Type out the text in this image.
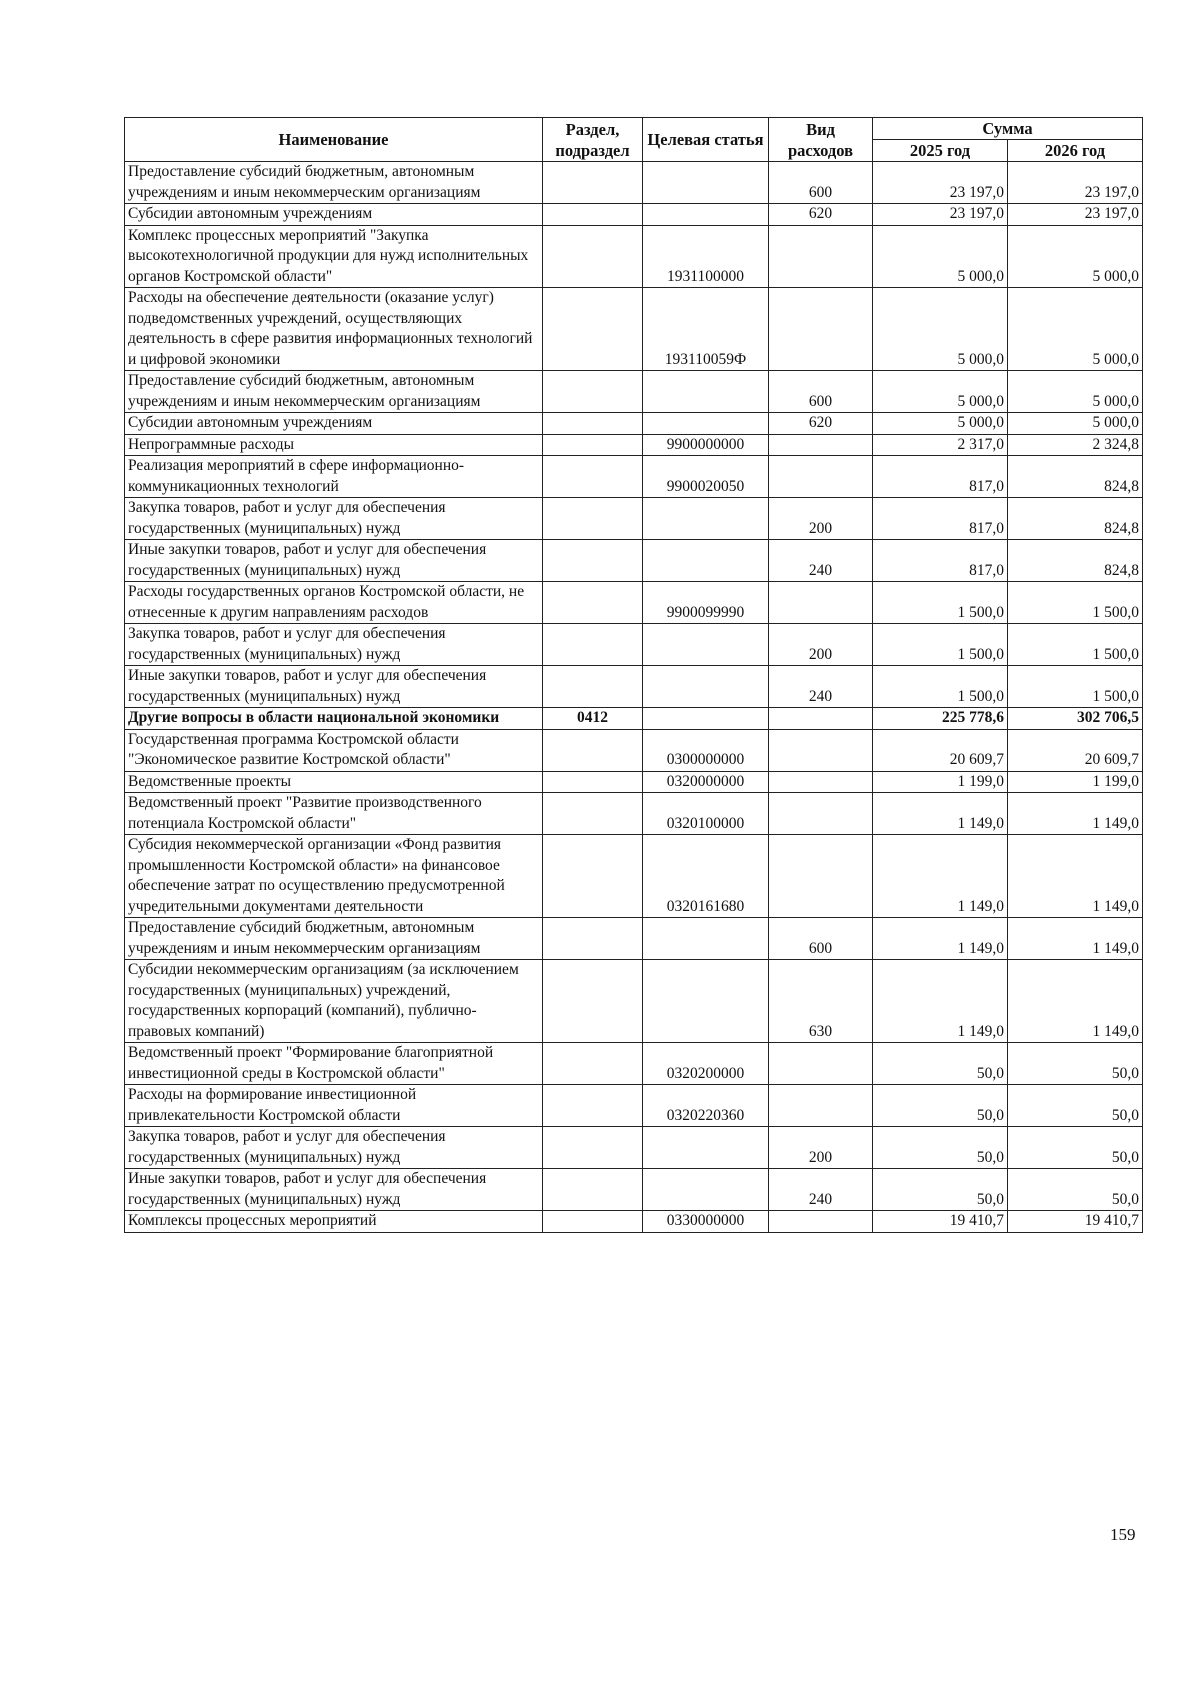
Наименование	Раздел, подраздел	Целевая статья	Вид расходов	Сумма	
				2025 год	2026 год
Предоставление субсидий бюджетным, автономным учреждениям и иным некоммерческим организациям			600	23 197,0	23 197,0
Субсидии автономным учреждениям			620	23 197,0	23 197,0
Комплекс процессных мероприятий "Закупка высокотехнологичной продукции для нужд исполнительных органов Костромской области"		1931100000		5 000,0	5 000,0
Расходы на обеспечение деятельности (оказание услуг) подведомственных учреждений, осуществляющих деятельность в сфере развития информационных технологий и цифровой экономики		193110059Ф		5 000,0	5 000,0
Предоставление субсидий бюджетным, автономным учреждениям и иным некоммерческим организациям			600	5 000,0	5 000,0
Субсидии автономным учреждениям			620	5 000,0	5 000,0
Непрограммные расходы		9900000000		2 317,0	2 324,8
Реализация мероприятий в сфере информационно-коммуникационных технологий		9900020050		817,0	824,8
Закупка товаров, работ и услуг для обеспечения государственных (муниципальных) нужд			200	817,0	824,8
Иные закупки товаров, работ и услуг для обеспечения государственных (муниципальных) нужд			240	817,0	824,8
Расходы государственных органов Костромской области, не отнесенные к другим направлениям расходов		9900099990		1 500,0	1 500,0
Закупка товаров, работ и услуг для обеспечения государственных (муниципальных) нужд			200	1 500,0	1 500,0
Иные закупки товаров, работ и услуг для обеспечения государственных (муниципальных) нужд			240	1 500,0	1 500,0
Другие вопросы в области национальной экономики	0412			225 778,6	302 706,5
Государственная программа Костромской области "Экономическое развитие Костромской области"		0300000000		20 609,7	20 609,7
Ведомственные проекты		0320000000		1 199,0	1 199,0
Ведомственный проект "Развитие производственного потенциала Костромской области"		0320100000		1 149,0	1 149,0
Субсидия некоммерческой организации «Фонд развития промышленности Костромской области» на финансовое обеспечение затрат по осуществлению предусмотренной учредительными документами деятельности		0320161680		1 149,0	1 149,0
Предоставление субсидий бюджетным, автономным учреждениям и иным некоммерческим организациям			600	1 149,0	1 149,0
Субсидии некоммерческим организациям (за исключением государственных (муниципальных) учреждений, государственных корпораций (компаний), публично-правовых компаний)			630	1 149,0	1 149,0
Ведомственный проект "Формирование благоприятной инвестиционной среды в Костромской области"		0320200000		50,0	50,0
Расходы на формирование инвестиционной привлекательности Костромской области		0320220360		50,0	50,0
Закупка товаров, работ и услуг для обеспечения государственных (муниципальных) нужд			200	50,0	50,0
Иные закупки товаров, работ и услуг для обеспечения государственных (муниципальных) нужд			240	50,0	50,0
Комплексы процессных мероприятий		0330000000		19 410,7	19 410,7
159
